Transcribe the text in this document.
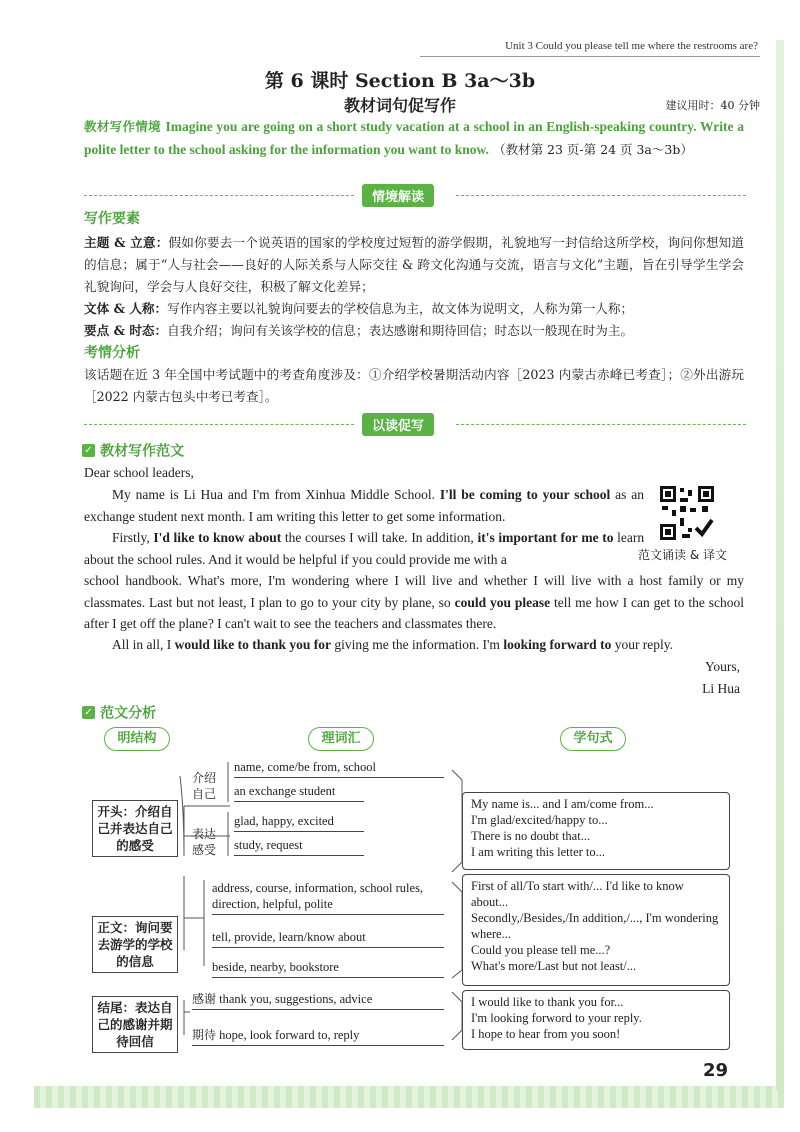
Unit 3 Could you please tell me where the restrooms are?
第 6 课时 Section B 3a～3b
教材词句促写作	建议用时：40 分钟
教材写作情境 Imagine you are going on a short study vacation at a school in an English-speaking country. Write a polite letter to the school asking for the information you want to know. （教材第 23 页-第 24 页 3a～3b）
情境解读
写作要素
主题 & 立意：假如你要去一个说英语的国家的学校度过短暂的游学假期，礼貌地写一封信给这所学校，询问你想知道的信息；属于“人与社会——良好的人际关系与人际交往 & 跨文化沟通与交流，语言与文化”主题，旨在引导学生学会礼貌询问，学会与人良好交往，积极了解文化差异；
文体 & 人称：写作内容主要以礼貌询问要去的学校信息为主，故文体为说明文，人称为第一人称；
要点 & 时态：自我介绍；询问有关该学校的信息；表达感谢和期待回信；时态以一般现在时为主。
考情分析
该话题在近 3 年全国中考试题中的考查角度涉及：①介绍学校暑期活动内容［2023 内蒙古赤峰已考查］；②外出游玩［2022 内蒙古包头中考已考查］。
以读促写
✓ 教材写作范文
Dear school leaders,
My name is Li Hua and I'm from Xinhua Middle School. I'll be coming to your school as an exchange student next month. I am writing this letter to get some information.
Firstly, I'd like to know about the courses I will take. In addition, it's important for me to learn about the school rules. And it would be helpful if you could provide me with a
school handbook. What's more, I'm wondering where I will live and whether I will live with a host family or my classmates. Last but not least, I plan to go to your city by plane, so could you please tell me how I can get to the school after I get off the plane? I can't wait to see the teachers and classmates there.
All in all, I would like to thank you for giving me the information. I'm looking forward to your reply.
Yours,
Li Hua
范文诵读 & 译文
✓ 范文分析
明结构	理词汇	学句式
开头：介绍自己并表达自己的感受
介绍自己
name, come/be from, school
an exchange student
表达感受
glad, happy, excited
study, request
My name is... and I am/come from...
I'm glad/excited/happy to...
There is no doubt that...
I am writing this letter to...
正文：询问要去游学的学校的信息
address, course, information, school rules, direction, helpful, polite
tell, provide, learn/know about
beside, nearby, bookstore
First of all/To start with/... I'd like to know about...
Secondly,/Besides,/In addition,/..., I'm wondering where...
Could you please tell me...?
What's more/Last but not least/...
结尾：表达自己的感谢并期待回信
感谢 thank you, suggestions, advice
期待 hope, look forward to, reply
I would like to thank you for...
I'm looking forword to your reply.
I hope to hear from you soon!
29
